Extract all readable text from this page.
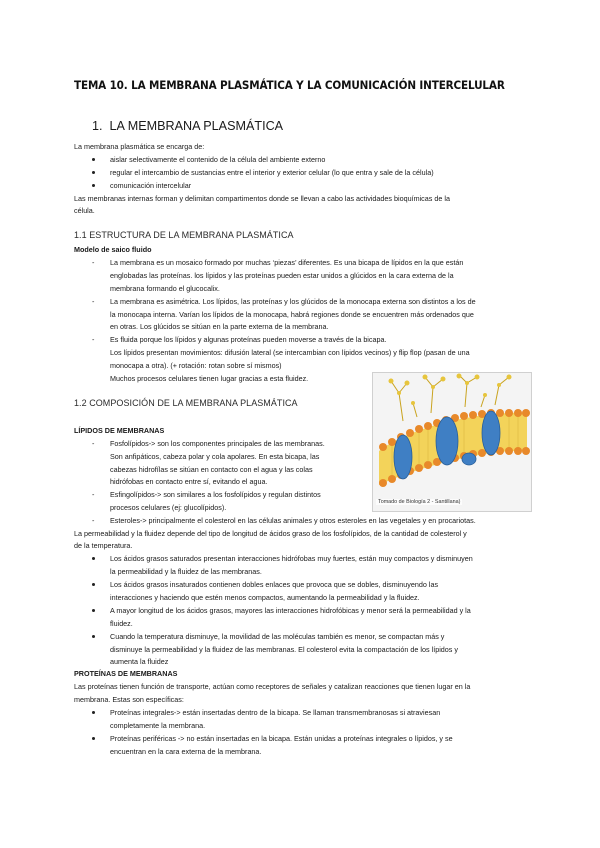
TEMA 10. LA MEMBRANA PLASMÁTICA Y LA COMUNICACIÓN INTERCELULAR
1. LA MEMBRANA PLASMÁTICA
La membrana plasmática se encarga de:
aislar selectivamente el contenido de la célula del ambiente externo
regular el intercambio de sustancias entre el interior y exterior celular (lo que entra y sale de la célula)
comunicación intercelular
Las membranas internas forman y delimitan compartimentos donde se llevan a cabo las actividades bioquímicas de la
célula.
1.1 ESTRUCTURA DE LA MEMBRANA PLASMÁTICA
Modelo de saico fluido
- La membrana es un mosaico formado por muchas ‘piezas’ diferentes. Es una bicapa de lípidos en la que están
englobadas las proteínas. los lípidos y las proteínas pueden estar unidos a glúcidos en la cara externa de la
membrana formando el glucocalix.
- La membrana es asimétrica. Los lípidos, las proteínas y los glúcidos de la monocapa externa son distintos a los de
la monocapa interna. Varían los lípidos de la monocapa, habrá regiones donde se encuentren más ordenados que
en otras. Los glúcidos se sitúan en la parte externa de la membrana.
- Es fluida porque los lípidos y algunas proteínas pueden moverse a través de la bicapa.
Los lípidos presentan movimientos: difusión lateral (se intercambian con lípidos vecinos) y flip flop (pasan de una
monocapa a otra). (+ rotación: rotan sobre sí mismos)
Muchos procesos celulares tienen lugar gracias a esta fluidez.
1.2 COMPOSICIÓN DE LA MEMBRANA PLASMÁTICA
Tomado de Biología 2 - Santillana)
LÍPIDOS DE MEMBRANAS
- Fosfolípidos-> son los componentes principales de las membranas.
Son anfipáticos, cabeza polar y cola apolares. En esta bicapa, las
cabezas hidrofílas se sitúan en contacto con el agua y las colas
hidrófobas en contacto entre sí, evitando el agua.
- Esfingolípidos-> son similares a los fosfolípidos y regulan distintos
procesos celulares (ej: glucolípidos).
- Esteroles-> principalmente el colesterol en las células animales y otros esteroles en las vegetales y en procariotas.
La permeabilidad y la fluidez depende del tipo de longitud de ácidos graso de los fosfolípidos, de la cantidad de colesterol y
de la temperatura.
Los ácidos grasos saturados presentan interacciones hidrófobas muy fuertes, están muy compactos y disminuyen
la permeabilidad y la fluidez de las membranas.
Los ácidos grasos insaturados contienen dobles enlaces que provoca que se dobles, disminuyendo las
interacciones y haciendo que estén menos compactos, aumentando la permeabilidad y la fluidez.
A mayor longitud de los ácidos grasos, mayores las interacciones hidrofóbicas y menor será la permeabilidad y la
fluidez.
Cuando la temperatura disminuye, la movilidad de las moléculas también es menor, se compactan más y
disminuye la permeabilidad y la fluidez de las membranas. El colesterol evita la compactación de los lípidos y
aumenta la fluidez
PROTEÍNAS DE MEMBRANAS
Las proteínas tienen función de transporte, actúan como receptores de señales y catalizan reacciones que tienen lugar en la
membrana. Estas son específicas:
Proteínas integrales-> están insertadas dentro de la bicapa. Se llaman transmembranosas si atraviesan
completamente la membrana.
Proteínas periféricas -> no están insertadas en la bicapa. Están unidas a proteínas integrales o lípidos, y se
encuentran en la cara externa de la membrana.
